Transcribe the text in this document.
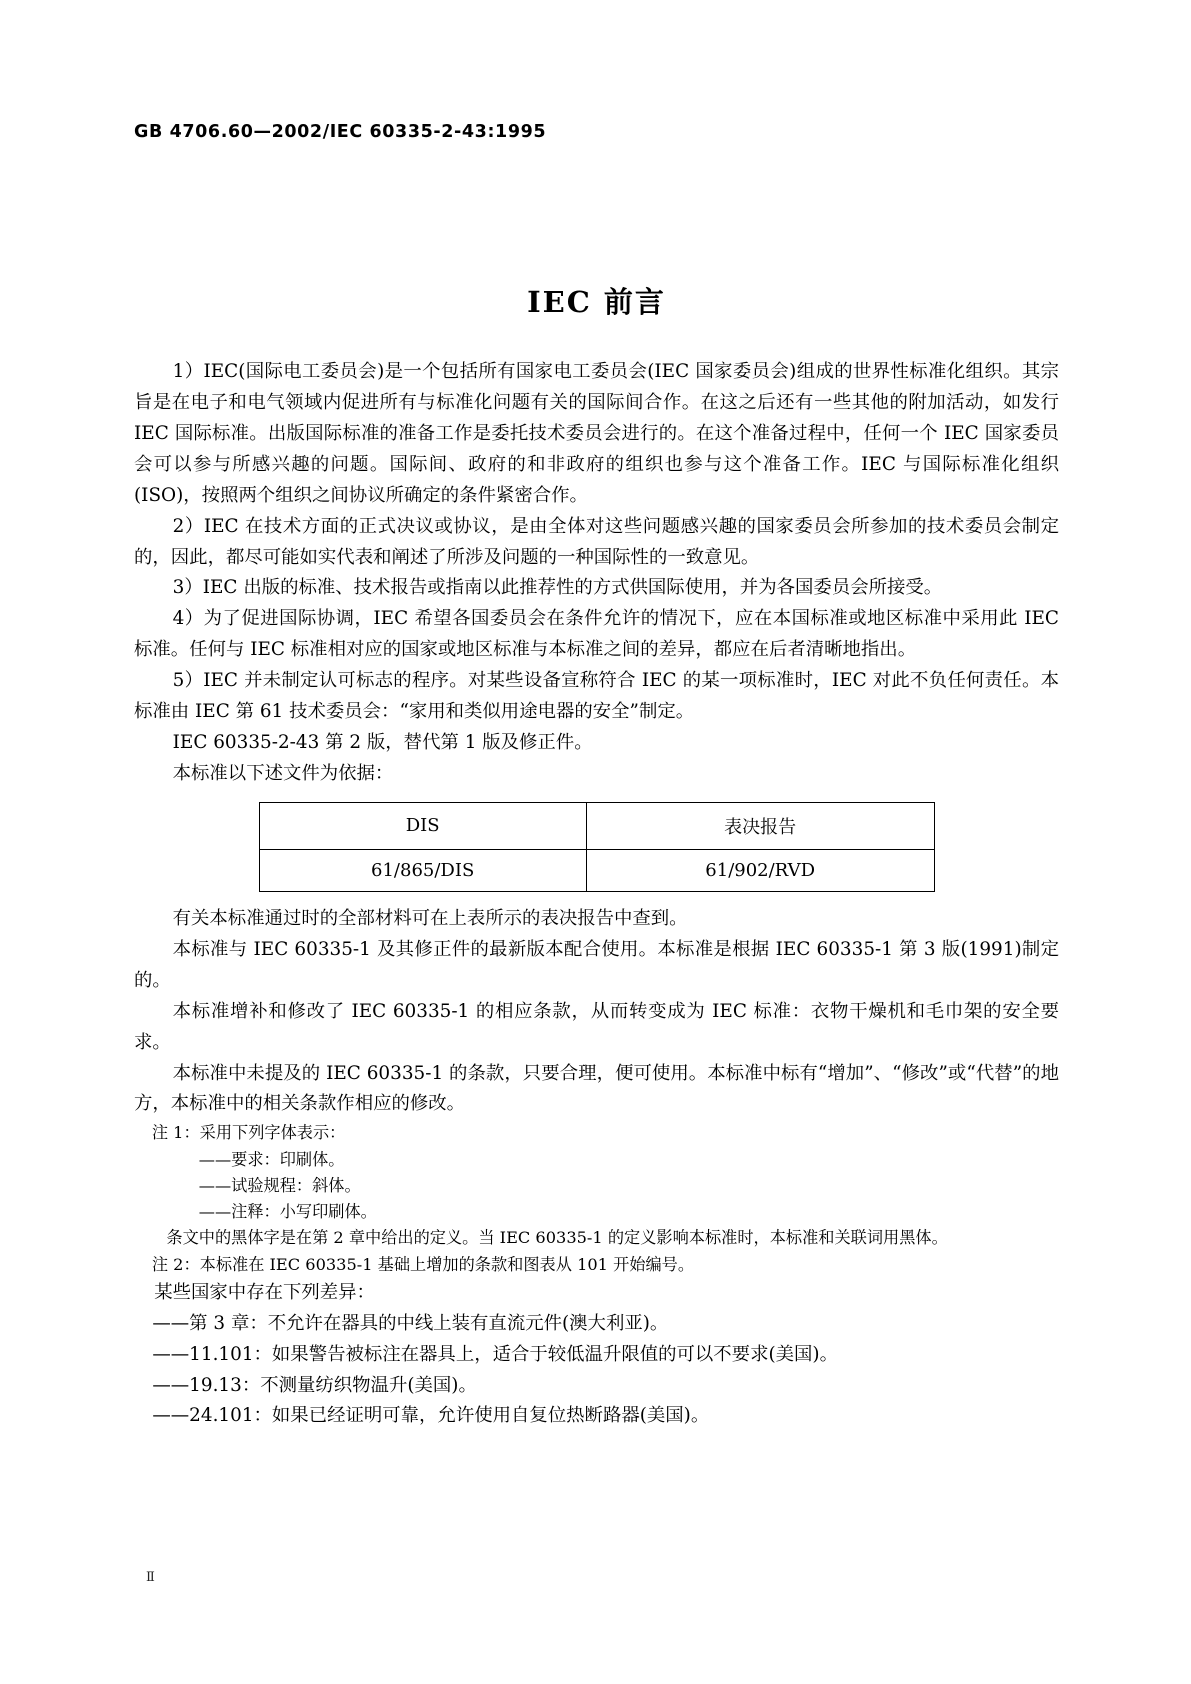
GB 4706.60—2002/IEC 60335-2-43:1995
IEC 前言

1）IEC(国际电工委员会)是一个包括所有国家电工委员会(IEC 国家委员会)组成的世界性标准化组织。其宗旨是在电子和电气领域内促进所有与标准化问题有关的国际间合作。在这之后还有一些其他的附加活动，如发行 IEC 国际标准。出版国际标准的准备工作是委托技术委员会进行的。在这个准备过程中，任何一个 IEC 国家委员会可以参与所感兴趣的问题。国际间、政府的和非政府的组织也参与这个准备工作。IEC 与国际标准化组织(ISO)，按照两个组织之间协议所确定的条件紧密合作。

2）IEC 在技术方面的正式决议或协议，是由全体对这些问题感兴趣的国家委员会所参加的技术委员会制定的，因此，都尽可能如实代表和阐述了所涉及问题的一种国际性的一致意见。

3）IEC 出版的标准、技术报告或指南以此推荐性的方式供国际使用，并为各国委员会所接受。

4）为了促进国际协调，IEC 希望各国委员会在条件允许的情况下，应在本国标准或地区标准中采用此 IEC 标准。任何与 IEC 标准相对应的国家或地区标准与本标准之间的差异，都应在后者清晰地指出。

5）IEC 并未制定认可标志的程序。对某些设备宣称符合 IEC 的某一项标准时，IEC 对此不负任何责任。本标准由 IEC 第 61 技术委员会：“家用和类似用途电器的安全”制定。

IEC 60335-2-43 第 2 版，替代第 1 版及修正件。

本标准以下述文件为依据：

DIS	表决报告
61/865/DIS	61/902/RVD

有关本标准通过时的全部材料可在上表所示的表决报告中查到。

本标准与 IEC 60335-1 及其修正件的最新版本配合使用。本标准是根据 IEC 60335-1 第 3 版(1991)制定的。

本标准增补和修改了 IEC 60335-1 的相应条款，从而转变成为 IEC 标准：衣物干燥机和毛巾架的安全要求。

本标准中未提及的 IEC 60335-1 的条款，只要合理，便可使用。本标准中标有“增加”、“修改”或“代替”的地方，本标准中的相关条款作相应的修改。

注 1：采用下列字体表示：

——要求：印刷体。

——试验规程：斜体。

——注释：小写印刷体。

条文中的黑体字是在第 2 章中给出的定义。当 IEC 60335-1 的定义影响本标准时，本标准和关联词用黑体。

注 2：本标准在 IEC 60335-1 基础上增加的条款和图表从 101 开始编号。

某些国家中存在下列差异：

——第 3 章：不允许在器具的中线上装有直流元件(澳大利亚)。

——11.101：如果警告被标注在器具上，适合于较低温升限值的可以不要求(美国)。

——19.13：不测量纺织物温升(美国)。

——24.101：如果已经证明可靠，允许使用自复位热断路器(美国)。

Ⅱ
